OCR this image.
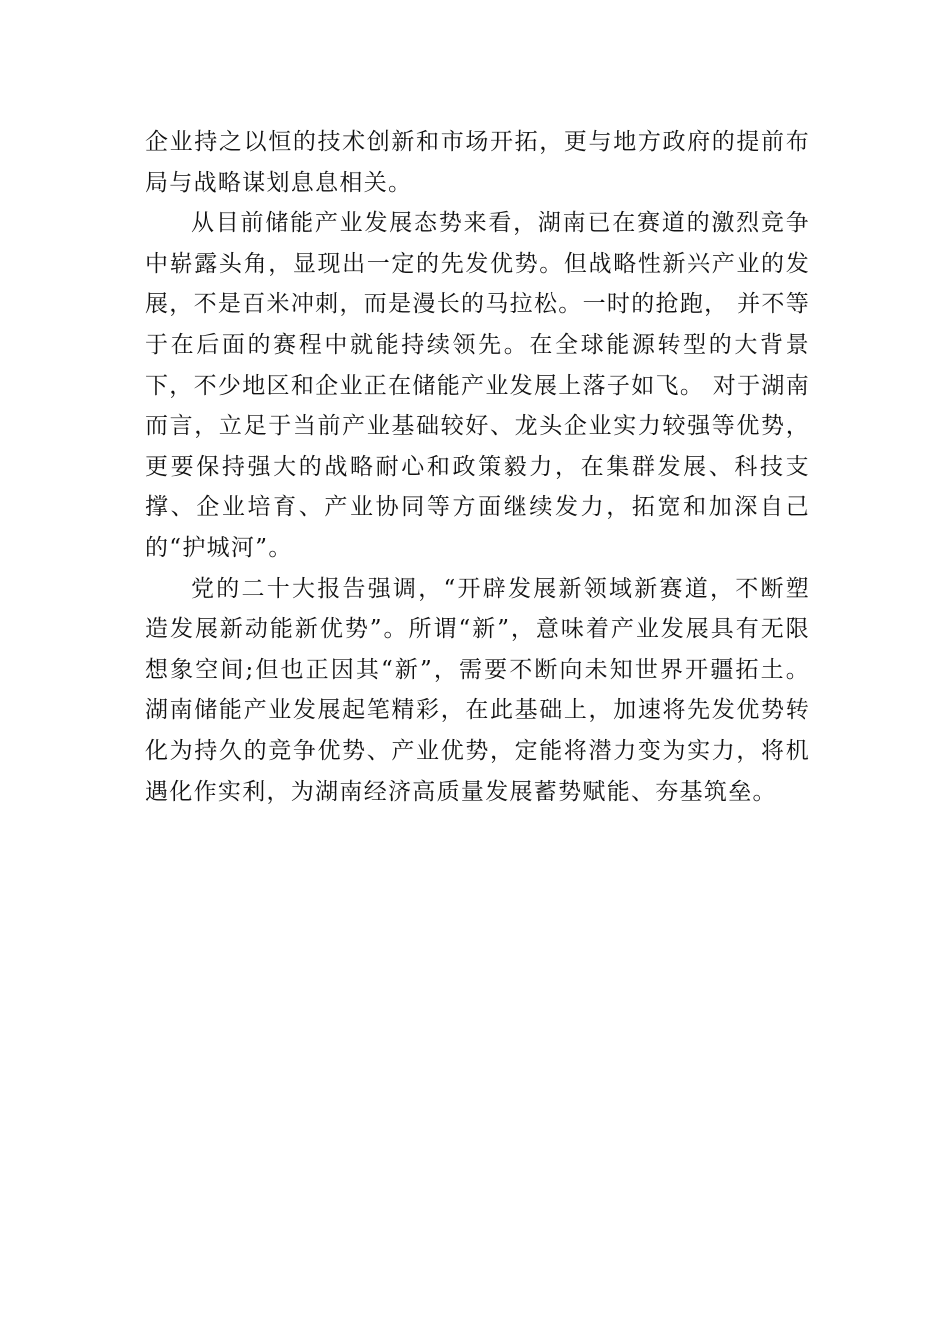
企业持之以恒的技术创新和市场开拓，更与地方政府的提前布局与战略谋划息息相关。

从目前储能产业发展态势来看，湖南已在赛道的激烈竞争中崭露头角，显现出一定的先发优势。但战略性新兴产业的发展，不是百米冲刺，而是漫长的马拉松。一时的抢跑， 并不等于在后面的赛程中就能持续领先。在全球能源转型的大背景下，不少地区和企业正在储能产业发展上落子如飞。 对于湖南而言，立足于当前产业基础较好、龙头企业实力较强等优势，更要保持强大的战略耐心和政策毅力，在集群发展、科技支撑、企业培育、产业协同等方面继续发力，拓宽和加深自己的“护城河”。

党的二十大报告强调，“开辟发展新领域新赛道，不断塑造发展新动能新优势”。所谓“新”，意味着产业发展具有无限想象空间;但也正因其“新”，需要不断向未知世界开疆拓土。湖南储能产业发展起笔精彩，在此基础上，加速将先发优势转化为持久的竞争优势、产业优势，定能将潜力变为实力，将机遇化作实利，为湖南经济高质量发展蓄势赋能、夯基筑垒。
